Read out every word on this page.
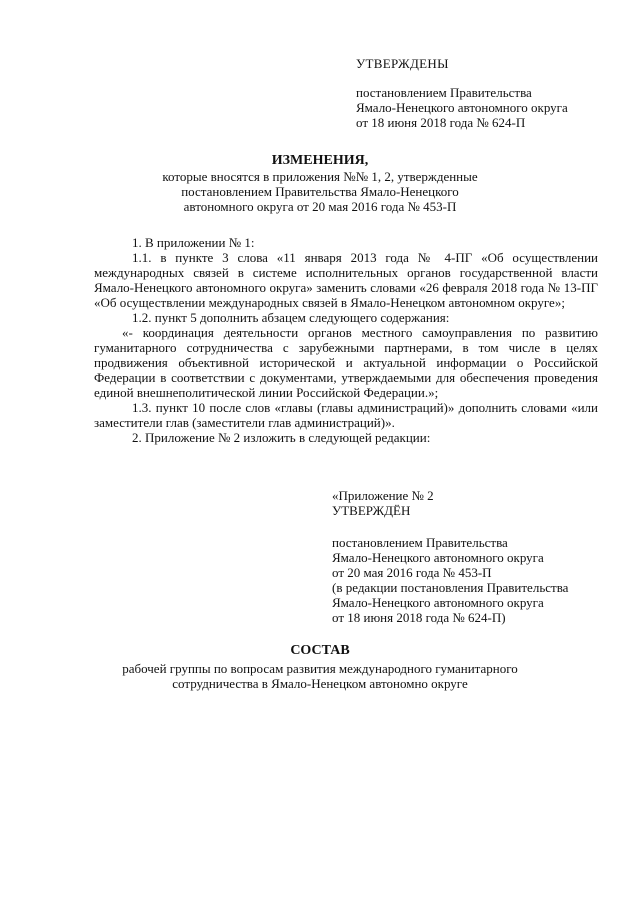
УТВЕРЖДЕНЫ
постановлением Правительства
Ямало-Ненецкого автономного округа
от 18 июня 2018 года № 624-П
ИЗМЕНЕНИЯ,
которые вносятся в приложения №№ 1, 2, утвержденные
постановлением Правительства Ямало-Ненецкого
автономного округа от 20 мая 2016 года № 453-П

1. В приложении № 1:

1.1. в пункте 3 слова «11 января 2013 года № 4-ПГ «Об осуществлении международных связей в системе исполнительных органов государственной власти Ямало-Ненецкого автономного округа» заменить словами «26 февраля 2018 года № 13-ПГ «Об осуществлении международных связей в Ямало-Ненецком автономном округе»;

1.2. пункт 5 дополнить абзацем следующего содержания:

«- координация деятельности органов местного самоуправления по развитию гуманитарного сотрудничества с зарубежными партнерами, в том числе в целях продвижения объективной исторической и актуальной информации о Российской Федерации в соответствии с документами, утверждаемыми для обеспечения проведения единой внешнеполитической линии Российской Федерации.»;

1.3. пункт 10 после слов «главы (главы администраций)» дополнить словами «или заместители глав (заместители глав администраций)».

2. Приложение № 2 изложить в следующей редакции:

«Приложение № 2
УТВЕРЖДЁН
постановлением Правительства
Ямало-Ненецкого автономного округа
от 20 мая 2016 года № 453-П
(в редакции постановления Правительства
Ямало-Ненецкого автономного округа
от 18 июня 2018 года № 624-П)
СОСТАВ
рабочей группы по вопросам развития международного гуманитарного
сотрудничества в Ямало-Ненецком автономно округе
